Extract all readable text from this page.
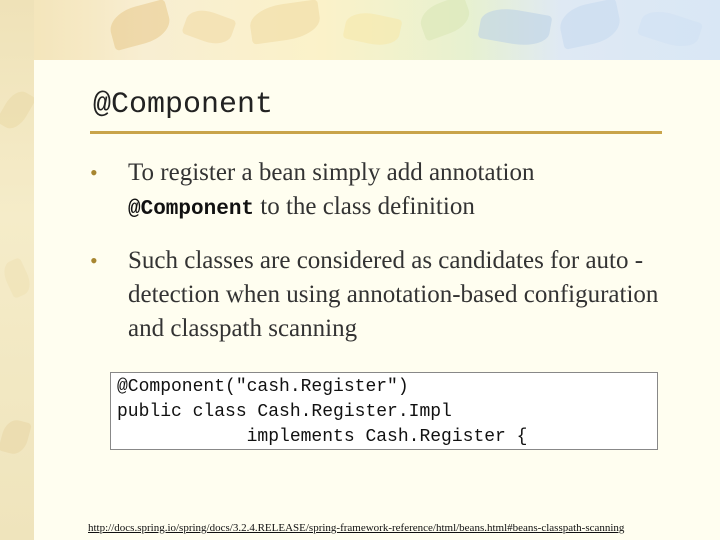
@Component
•	To register a bean simply add annotation
@Component to the class definition
•	Such classes are considered as candidates for auto -detection when using annotation-based configuration and classpath scanning
@Component("cash.Register")
public class Cash.Register.Impl
implements Cash.Register {
http://docs.spring.io/spring/docs/3.2.4.RELEASE/spring-framework-reference/html/beans.html#beans-classpath-scanning
